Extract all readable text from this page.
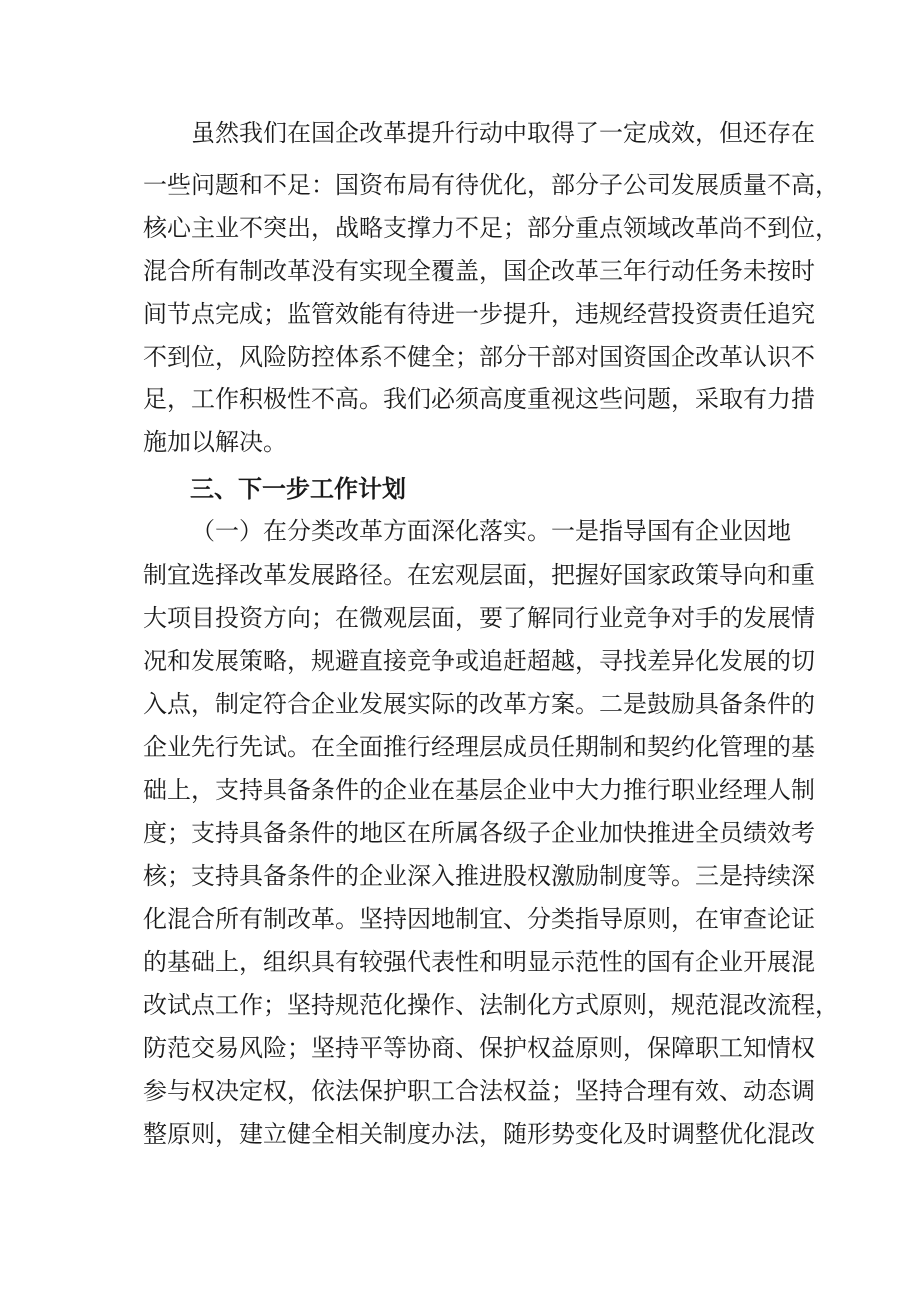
虽然我们在国企改革提升行动中取得了一定成效，但还存在
一些问题和不足：国资布局有待优化，部分子公司发展质量不高，
核心主业不突出，战略支撑力不足；部分重点领域改革尚不到位，
混合所有制改革没有实现全覆盖，国企改革三年行动任务未按时
间节点完成；监管效能有待进一步提升，违规经营投资责任追究
不到位，风险防控体系不健全；部分干部对国资国企改革认识不
足，工作积极性不高。我们必须高度重视这些问题，采取有力措
施加以解决。
三、下一步工作计划
（一）在分类改革方面深化落实。一是指导国有企业因地
制宜选择改革发展路径。在宏观层面，把握好国家政策导向和重
大项目投资方向；在微观层面，要了解同行业竞争对手的发展情
况和发展策略，规避直接竞争或追赶超越，寻找差异化发展的切
入点，制定符合企业发展实际的改革方案。二是鼓励具备条件的
企业先行先试。在全面推行经理层成员任期制和契约化管理的基
础上，支持具备条件的企业在基层企业中大力推行职业经理人制
度；支持具备条件的地区在所属各级子企业加快推进全员绩效考
核；支持具备条件的企业深入推进股权激励制度等。三是持续深
化混合所有制改革。坚持因地制宜、分类指导原则，在审查论证
的基础上，组织具有较强代表性和明显示范性的国有企业开展混
改试点工作；坚持规范化操作、法制化方式原则，规范混改流程，
防范交易风险；坚持平等协商、保护权益原则，保障职工知情权
参与权决定权，依法保护职工合法权益；坚持合理有效、动态调
整原则，建立健全相关制度办法，随形势变化及时调整优化混改
